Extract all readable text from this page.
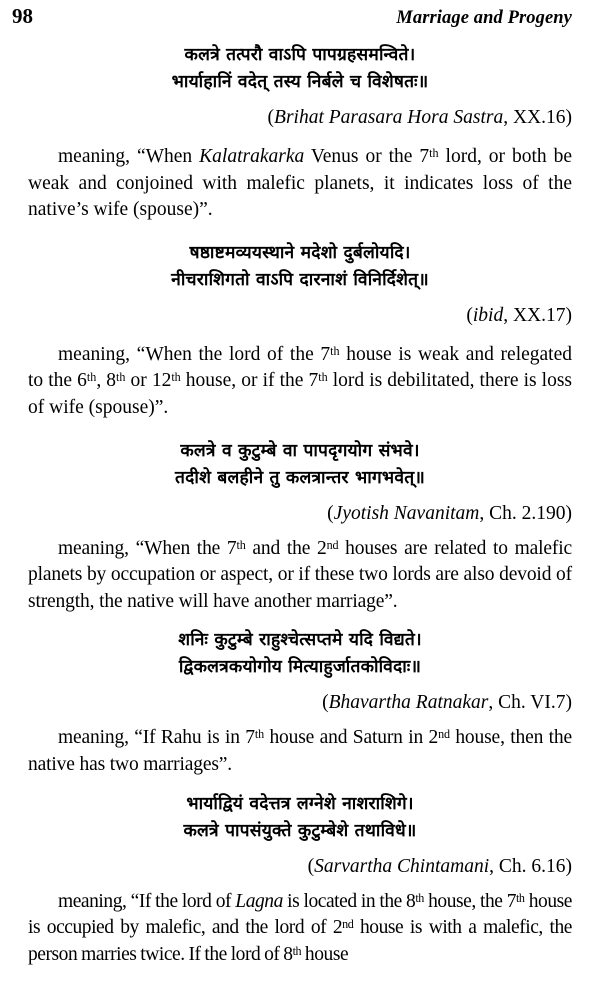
98	Marriage and Progeny
कलत्रे तत्परौ वाऽपि पापग्रहसमन्विते।
भार्याहानिं वदेत् तस्य निर्बले च विशेषतः॥

(Brihat Parasara Hora Sastra, XX.16)

meaning, “When Kalatrakarka Venus or the 7th lord, or both be weak and conjoined with malefic planets, it indicates loss of the native’s wife (spouse)”.

षष्ठाष्टमव्ययस्थाने मदेशो दुर्बलोयदि।
नीचराशिगतो वाऽपि दारनाशं विनिर्दिशेत्॥

(ibid, XX.17)

meaning, “When the lord of the 7th house is weak and relegated to the 6th, 8th or 12th house, or if the 7th lord is debilitated, there is loss of wife (spouse)”.

कलत्रे व कुटुम्बे वा पापदृगयोग संभवे।
तदीशे बलहीने तु कलत्रान्तर भागभवेत्॥

(Jyotish Navanitam, Ch. 2.190)

meaning, “When the 7th and the 2nd houses are related to malefic planets by occupation or aspect, or if these two lords are also devoid of strength, the native will have another marriage”.

शनिः कुटुम्बे राहुश्चेत्सप्तमे यदि विद्यते।
द्विकलत्रकयोगोय मित्याहुर्जातकोविदाः॥

(Bhavartha Ratnakar, Ch. VI.7)

meaning, “If Rahu is in 7th house and Saturn in 2nd house, then the native has two marriages”.

भार्याद्वियं वदेत्तत्र लग्नेशे नाशराशिगे।
कलत्रे पापसंयुक्ते कुटुम्बेशे तथाविधे॥

(Sarvartha Chintamani, Ch. 6.16)

meaning, “If the lord of Lagna is located in the 8th house, the 7th house is occupied by malefic, and the lord of 2nd house is with a malefic, the person marries twice. If the lord of 8th house
